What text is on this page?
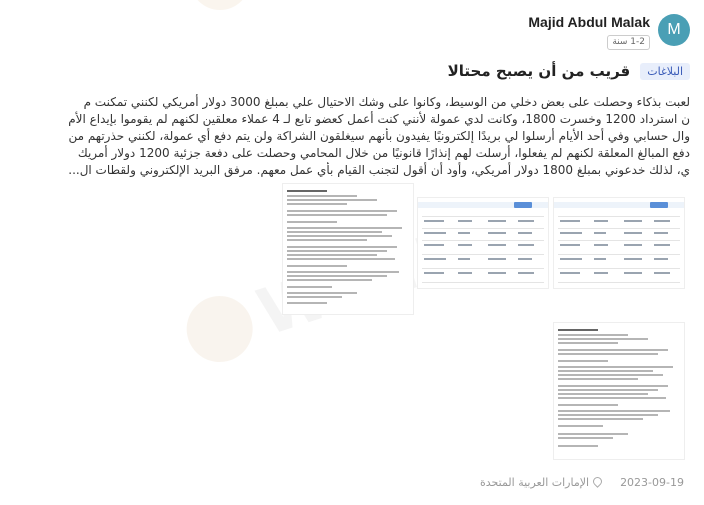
Majid Abdul Malak
1-2 سنة
M
قريب من أن يصبح محتالا	البلاغات
لعبت بذكاء وحصلت على بعض دخلي من الوسيط، وكانوا على وشك الاحتيال علي بمبلغ 3000 دولار أمريكي لكنني تمكنت م
ن استرداد 1200 وخسرت 1800، وكانت لدي عمولة لأنني كنت أعمل كعضو تابع لـ 4 عملاء معلقين لكنهم لم يقوموا بإيداع الأم
وال حسابي وفي أحد الأيام أرسلوا لي بريدًا إلكترونيًا يفيدون بأنهم سيغلقون الشراكة ولن يتم دفع أي عمولة، لكنني حذرتهم من
دفع المبالغ المعلقة لكنهم لم يفعلوا، أرسلت لهم إنذارًا قانونيًا من خلال المحامي وحصلت على دفعة جزئية 1200 دولار أمريك
ي، لذلك خدعوني بمبلغ 1800 دولار أمريكي، وأود أن أقول لتجنب القيام بأي عمل معهم. مرفق البريد الإلكتروني ولقطات ال...
الإمارات العربية المتحدة	2023-09-19
